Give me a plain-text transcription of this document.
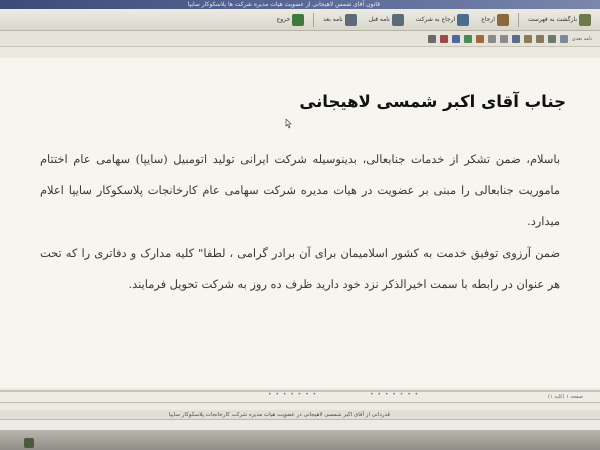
قانون آقای شمس لاهیجانی از عضویت هیات مدیره شرکت ها پلاسکوکار سایپا
بازگشت به فهرست
ارجاع
ارجاع به شرکت
نامه قبل
نامه بعد
خروج
نامه بعدی
جناب آقای اکبر شمسی لاهیجانی

باسلام، ضمن تشکر از خدمات جنابعالی، بدینوسیله شرکت ایرانی تولید اتومبیل (سایپا) سهامی عام اختتام ماموریت جنابعالی را مبنی بر عضویت در هیات مدیره شرکت سهامی عام کارخانجات پلاسکوکار سایپا اعلام میدارد.

ضمن آرزوی توفیق خدمت به کشور اسلامیمان برای آن برادر گرامی ، لطفا" کلیه مدارک و دفاتری را که تحت هر عنوان در رابطه با سمت اخیرالذکر نزد خود دارید ظرف ده روز به شرکت تحویل فرمایند.

صفحه ۱ (کلیه ۱)
• • • • • • •	• • • • • • •
قدردانی از آقای اکبر شمسی لاهیجانی در عضویت هیات مدیره شرکت کارخانجات پلاسکوکار سایپا
